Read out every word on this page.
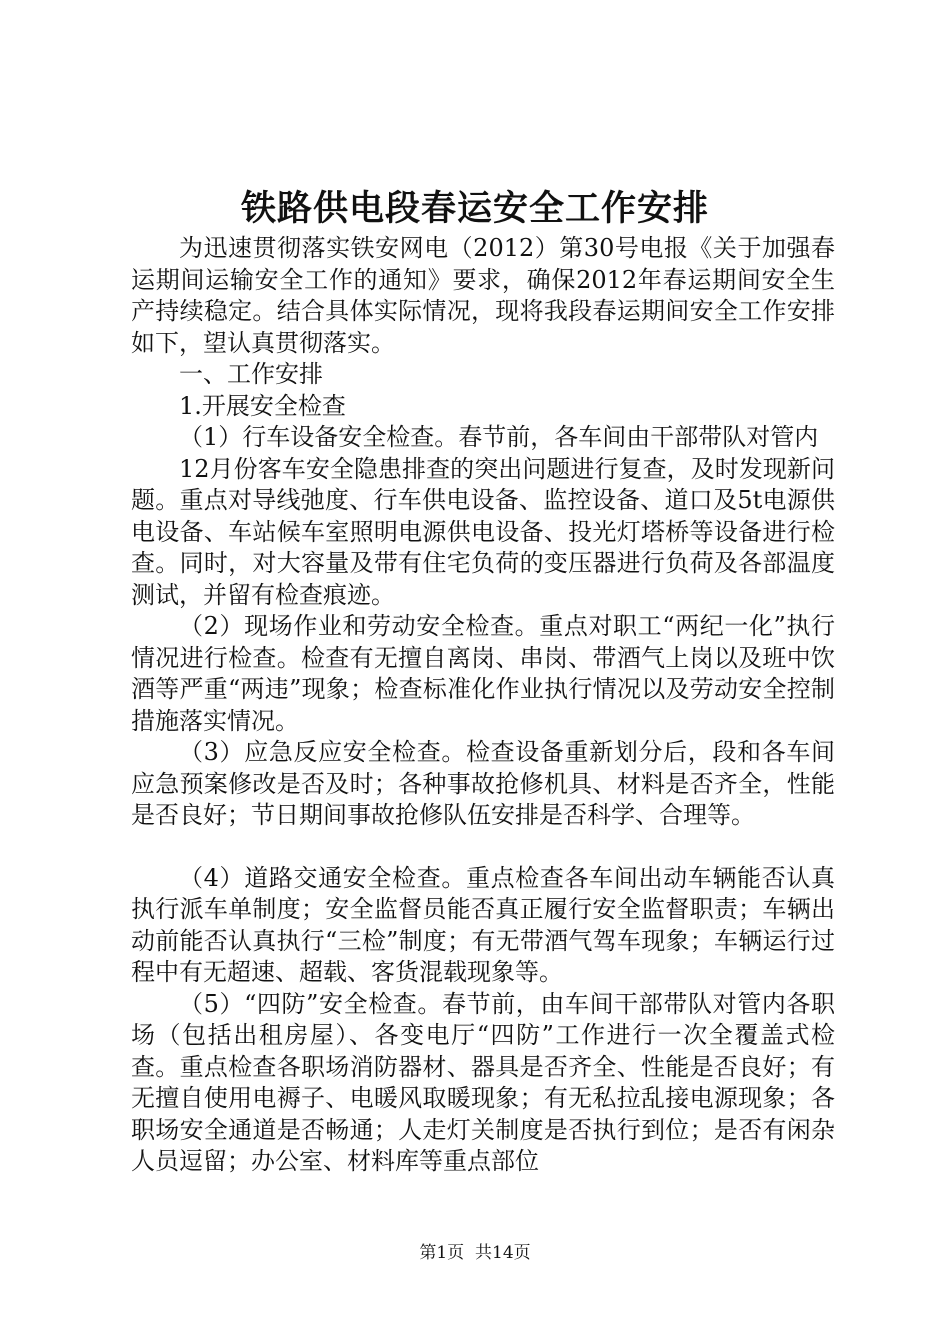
铁路供电段春运安全工作安排

为迅速贯彻落实铁安网电（2012）第30号电报《关于加强春运期间运输安全工作的通知》要求，确保2012年春运期间安全生产持续稳定。结合具体实际情况，现将我段春运期间安全工作安排如下，望认真贯彻落实。

一、工作安排

1.开展安全检查

（1）行车设备安全检查。春节前，各车间由干部带队对管内

12月份客车安全隐患排查的突出问题进行复查，及时发现新问题。重点对导线弛度、行车供电设备、监控设备、道口及5t电源供电设备、车站候车室照明电源供电设备、投光灯塔桥等设备进行检查。同时，对大容量及带有住宅负荷的变压器进行负荷及各部温度测试，并留有检查痕迹。

（2）现场作业和劳动安全检查。重点对职工“两纪一化”执行情况进行检查。检查有无擅自离岗、串岗、带酒气上岗以及班中饮酒等严重“两违”现象；检查标准化作业执行情况以及劳动安全控制措施落实情况。

（3）应急反应安全检查。检查设备重新划分后，段和各车间应急预案修改是否及时；各种事故抢修机具、材料是否齐全，性能是否良好；节日期间事故抢修队伍安排是否科学、合理等。

（4）道路交通安全检查。重点检查各车间出动车辆能否认真执行派车单制度；安全监督员能否真正履行安全监督职责；车辆出动前能否认真执行“三检”制度；有无带酒气驾车现象；车辆运行过程中有无超速、超载、客货混载现象等。

（5）“四防”安全检查。春节前，由车间干部带队对管内各职场（包括出租房屋）、各变电厅“四防”工作进行一次全覆盖式检查。重点检查各职场消防器材、器具是否齐全、性能是否良好；有无擅自使用电褥子、电暖风取暖现象；有无私拉乱接电源现象；各职场安全通道是否畅通；人走灯关制度是否执行到位；是否有闲杂人员逗留；办公室、材料库等重点部位

第1页 共14页
